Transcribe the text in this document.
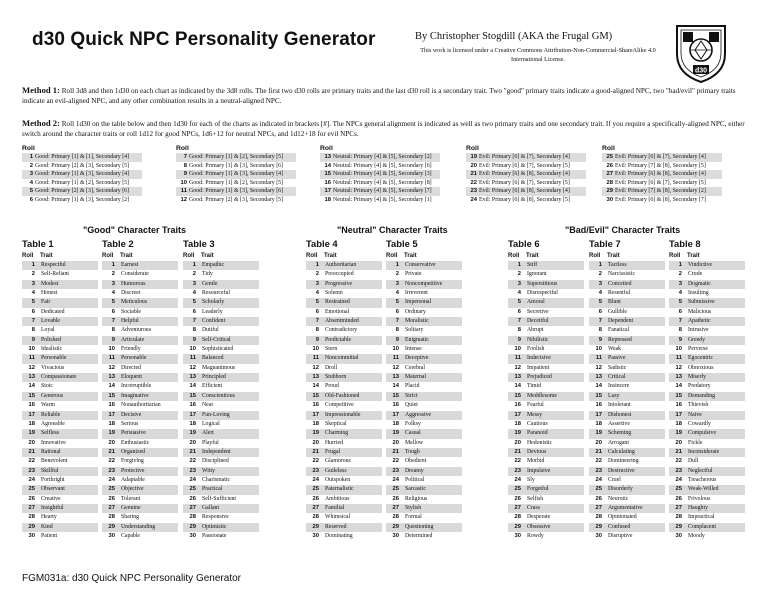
d30 Quick NPC Personality Generator	By Christopher Stogdill (AKA the Frugal GM)
This work is licensed under a Creative Commons Attribution-Non-Commercial-ShareAlike 4.0 International License.
d30

Method 1: Roll 3d8 and then 1d30 on each chart as indicated by the 3d8 rolls. The first two d30 rolls are primary traits and the last d30 roll is a secondary trait. Two "good" primary traits indicate a good-aligned NPC, two "bad/evil" primary traits indicate an evil-aligned NPC, and any other combination results in a neutral-aligned NPC.

Method 2: Roll 1d30 on the table below and then 1d30 for each of the charts as indicated in brackets [#]. The NPCs general alignment is indicated as well as two primary traits and one secondary trait. If you require a specifically-aligned NPC, either switch around the character traits or roll 1d12 for good NPCs, 1d6+12 for neutral NPCs, and 1d12+18 for evil NPCs.

Roll
1 Good: Primary [1] & [1], Secondary [4]
2 Good: Primary [2] & [3], Secondary [5]
3 Good: Primary [1] & [3], Secondary [4]
4 Good: Primary [1] & [2], Secondary [5]
5 Good: Primary [2] & [3], Secondary [6]
6 Good: Primary [1] & [3], Secondary [2]
Roll
7 Good: Primary [1] & [2], Secondary [5]
8 Good: Primary [1] & [3], Secondary [6]
9 Good: Primary [1] & [3], Secondary [4]
10 Good: Primary [1] & [2], Secondary [5]
11 Good: Primary [1] & [3], Secondary [6]
12 Good: Primary [2] & [3], Secondary [5]
Roll
13 Neutral: Primary [4] & [5], Secondary [2]
14 Neutral: Primary [4] & [5], Secondary [6]
15 Neutral: Primary [4] & [5], Secondary [3]
16 Neutral: Primary [4] & [5], Secondary [8]
17 Neutral: Primary [4] & [5], Secondary [7]
18 Neutral: Primary [4] & [5], Secondary [1]
Roll
19 Evil: Primary [6] & [7], Secondary [4]
20 Evil: Primary [6] & [7], Secondary [5]
21 Evil: Primary [6] & [8], Secondary [4]
22 Evil: Primary [6] & [7], Secondary [5]
23 Evil: Primary [6] & [8], Secondary [4]
24 Evil: Primary [6] & [8], Secondary [5]
Roll
25 Evil: Primary [6] & [7], Secondary [4]
26 Evil: Primary [7] & [8], Secondary [5]
27 Evil: Primary [6] & [8], Secondary [4]
28 Evil: Primary [6] & [7], Secondary [5]
29 Evil: Primary [7] & [8], Secondary [2]
30 Evil: Primary [6] & [8], Secondary [7]
"Good" Character Traits	"Neutral" Character Traits	"Bad/Evil" Character Traits
Table 1
Roll Trait
1 Respectful
2 Self-Reliant
3 Modest
4 Honest
5 Fair
6 Dedicated
7 Lovable
8 Loyal
9 Polished
10 Idealistic
11 Personable
12 Vivacious
13 Compassionate
14 Stoic
15 Generous
16 Warm
17 Reliable
18 Agreeable
19 Selfless
20 Innovative
21 Rational
22 Benevolent
23 Skillful
24 Forthright
25 Observant
26 Creative
27 Insightful
28 Hearty
29 Kind
30 Patient
Table 2
Roll Trait
1 Earnest
2 Considerate
3 Humorous
4 Discreet
5 Meticulous
6 Sociable
7 Helpful
8 Adventurous
9 Articulate
10 Friendly
11 Personable
12 Directed
13 Eloquent
14 Incorruptible
15 Imaginative
16 Nonauthoritarian
17 Decisive
18 Serious
19 Persuasive
20 Enthusiastic
21 Organized
22 Forgiving
23 Protective
24 Adaptable
25 Objective
26 Tolerant
27 Genuine
28 Sharing
29 Understanding
30 Capable
Table 3
Roll Trait
1 Empathic
2 Tidy
3 Gentle
4 Resourceful
5 Scholarly
6 Leaderly
7 Confident
8 Dutiful
9 Self-Critical
10 Sophisticated
11 Balanced
12 Magnanimous
13 Principled
14 Efficient
15 Conscientious
16 Neat
17 Fun-Loving
18 Logical
19 Alert
20 Playful
21 Independent
22 Disciplined
23 Witty
24 Charismatic
25 Practical
26 Self-Sufficient
27 Gallant
28 Responsive
29 Optimistic
30 Passionate
Table 4
Roll Trait
1 Authoritarian
2 Preoccupied
3 Progressive
4 Solemn
5 Restrained
6 Emotional
7 Absentminded
8 Contradictory
9 Predictable
10 Stern
11 Noncommittal
12 Droll
13 Stubborn
14 Proud
15 Old-Fashioned
16 Competitive
17 Impressionable
18 Skeptical
19 Charming
20 Hurried
21 Frugal
22 Glamorous
23 Guileless
24 Outspoken
25 Paternalistic
26 Ambitious
27 Familial
28 Whimsical
29 Reserved
30 Dominating
Table 5
Roll Trait
1 Conservative
2 Private
3 Noncompetitive
4 Irreverent
5 Impersonal
6 Ordinary
7 Moralistic
8 Solitary
9 Enigmatic
10 Intense
11 Deceptive
12 Cerebral
13 Maternal
14 Placid
15 Strict
16 Quiet
17 Aggressive
18 Folksy
19 Casual
20 Mellow
21 Tough
22 Obedient
23 Dreamy
24 Political
25 Sarcastic
26 Religious
27 Stylish
28 Formal
29 Questioning
30 Determined
Table 6
Roll Trait
1 Stiff
2 Ignorant
3 Superstitious
4 Disrespectful
5 Amoral
6 Secretive
7 Deceitful
8 Abrupt
9 Nihilistic
10 Foolish
11 Indecisive
12 Impatient
13 Prejudiced
14 Timid
15 Meddlesome
16 Fearful
17 Messy
18 Cautious
19 Paranoid
20 Hedonistic
21 Devious
22 Morbid
23 Impulsive
24 Sly
25 Forgetful
26 Selfish
27 Crass
28 Desperate
29 Obsessive
30 Rowdy
Table 7
Roll Trait
1 Tactless
2 Narcissistic
3 Conceited
4 Resentful
5 Blunt
6 Gullible
7 Dependent
8 Fanatical
9 Repressed
10 Weak
11 Passive
12 Sadistic
13 Critical
14 Insincere
15 Lazy
16 Intolerant
17 Dishonest
18 Assertive
19 Scheming
20 Arrogant
21 Calculating
22 Domineering
23 Destructive
24 Cruel
25 Disorderly
26 Neurotic
27 Argumentative
28 Opinionated
29 Confused
30 Disruptive
Table 8
Roll Trait
1 Vindictive
2 Crude
3 Dogmatic
4 Insulting
5 Submissive
6 Malicious
7 Apathetic
8 Intrusive
9 Greedy
10 Perverse
11 Egocentric
12 Obnoxious
13 Miserly
14 Predatory
15 Demanding
16 Thievish
17 Naive
18 Cowardly
19 Compulsive
20 Fickle
21 Inconsiderate
22 Dull
23 Neglectful
24 Treacherous
25 Weak-Willed
26 Frivolous
27 Haughty
28 Impractical
29 Complacent
30 Moody
FGM031a: d30 Quick NPC Personality Generator
